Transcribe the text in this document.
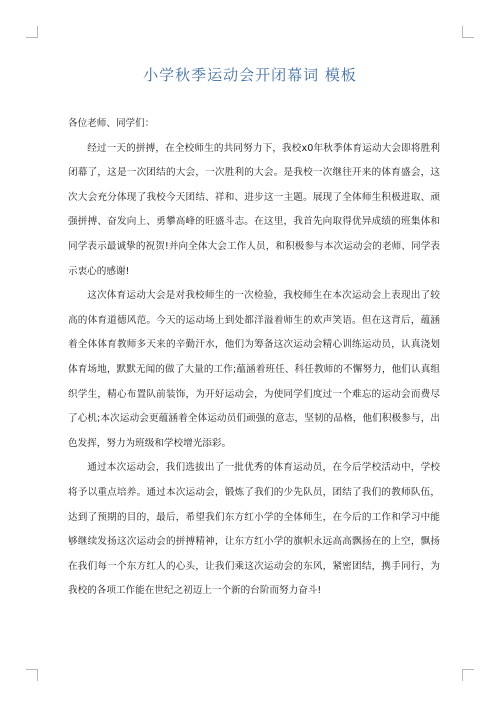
小学秋季运动会开闭幕词 模板

各位老师、同学们：

经过一天的拼搏，在全校师生的共同努力下，我校x0年秋季体育运动大会即将胜利闭幕了，这是一次团结的大会，一次胜利的大会。是我校一次继往开来的体育盛会，这次大会充分体现了我校今天团结、祥和、进步这一主题。展现了全体师生积极进取、顽强拼搏、奋发向上、勇攀高峰的旺盛斗志。在这里，我首先向取得优异成绩的班集体和同学表示最诚挚的祝贺!并向全体大会工作人员，和积极参与本次运动会的老师、同学表示衷心的感谢!

这次体育运动大会是对我校师生的一次检验，我校师生在本次运动会上表现出了较高的体育道德风范。今天的运动场上到处都洋溢着师生的欢声笑语。但在这背后，蕴涵着全体体育教师多天来的辛勤汗水，他们为筹备这次运动会精心训练运动员，认真浇划体育场地，默默无闻的做了大量的工作;蕴涵着班任、科任教师的不懈努力，他们认真组织学生，精心布置队前装饰，为开好运动会，为使同学们度过一个难忘的运动会而费尽了心机;本次运动会更蕴涵着全体运动员们顽强的意志，坚韧的品格，他们积极参与，出色发挥，努力为班级和学校增光添彩。

通过本次运动会，我们选拔出了一批优秀的体育运动员，在今后学校活动中，学校将予以重点培养。通过本次运动会，锻炼了我们的少先队员，团结了我们的教师队伍，达到了预期的目的，最后，希望我们东方红小学的全体师生，在今后的工作和学习中能够继续发扬这次运动会的拼搏精神，让东方红小学的旗帜永远高高飘扬在的上空，飘扬在我们每一个东方红人的心头，让我们乘这次运动会的东风，紧密团结，携手同行，为我校的各项工作能在世纪之初迈上一个新的台阶而努力奋斗!
